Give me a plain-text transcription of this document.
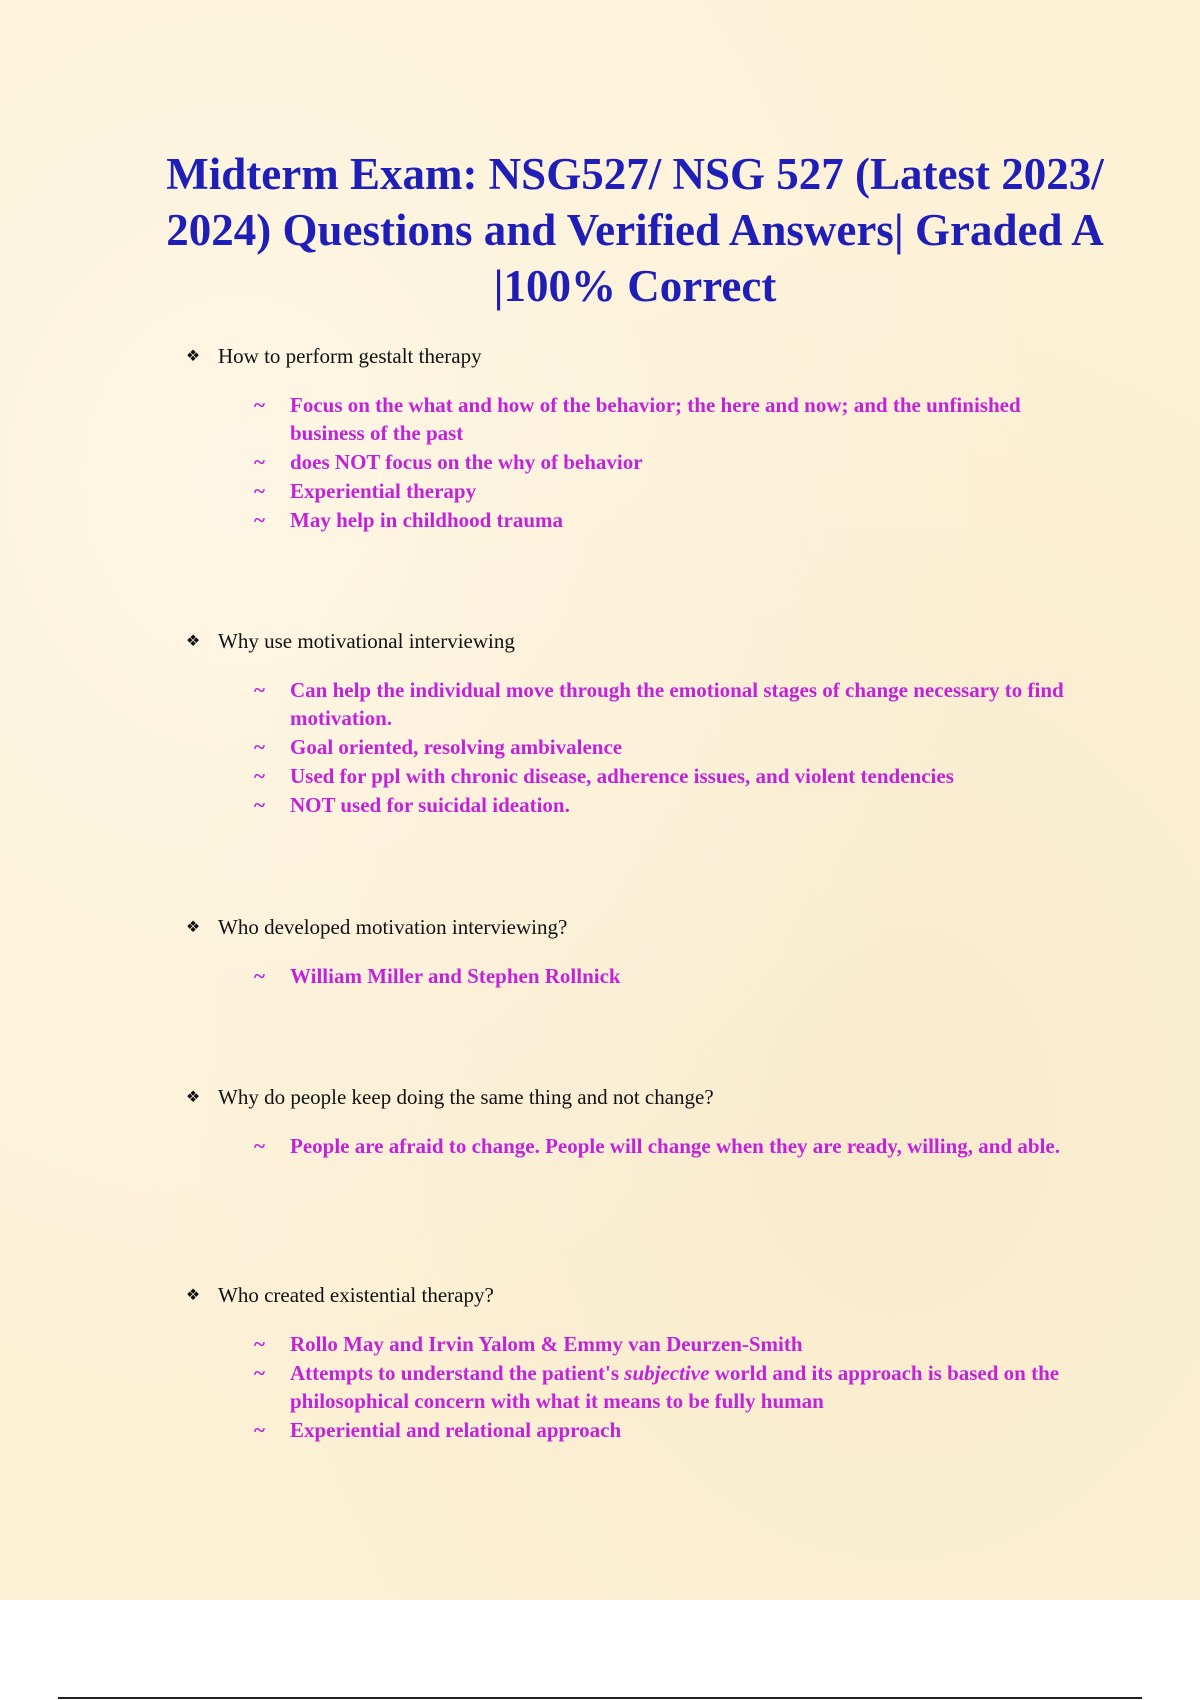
Midterm Exam: NSG527/ NSG 527 (Latest 2023/ 2024) Questions and Verified Answers| Graded A |100% Correct
❖ How to perform gestalt therapy
~ Focus on the what and how of the behavior; the here and now; and the unfinished business of the past
~ does NOT focus on the why of behavior
~ Experiential therapy
~ May help in childhood trauma
❖ Why use motivational interviewing
~ Can help the individual move through the emotional stages of change necessary to find motivation.
~ Goal oriented, resolving ambivalence
~ Used for ppl with chronic disease, adherence issues, and violent tendencies
~ NOT used for suicidal ideation.
❖ Who developed motivation interviewing?
~ William Miller and Stephen Rollnick
❖ Why do people keep doing the same thing and not change?
~ People are afraid to change. People will change when they are ready, willing, and able.
❖ Who created existential therapy?
~ Rollo May and Irvin Yalom & Emmy van Deurzen-Smith
~ Attempts to understand the patient's subjective world and its approach is based on the philosophical concern with what it means to be fully human
~ Experiential and relational approach
